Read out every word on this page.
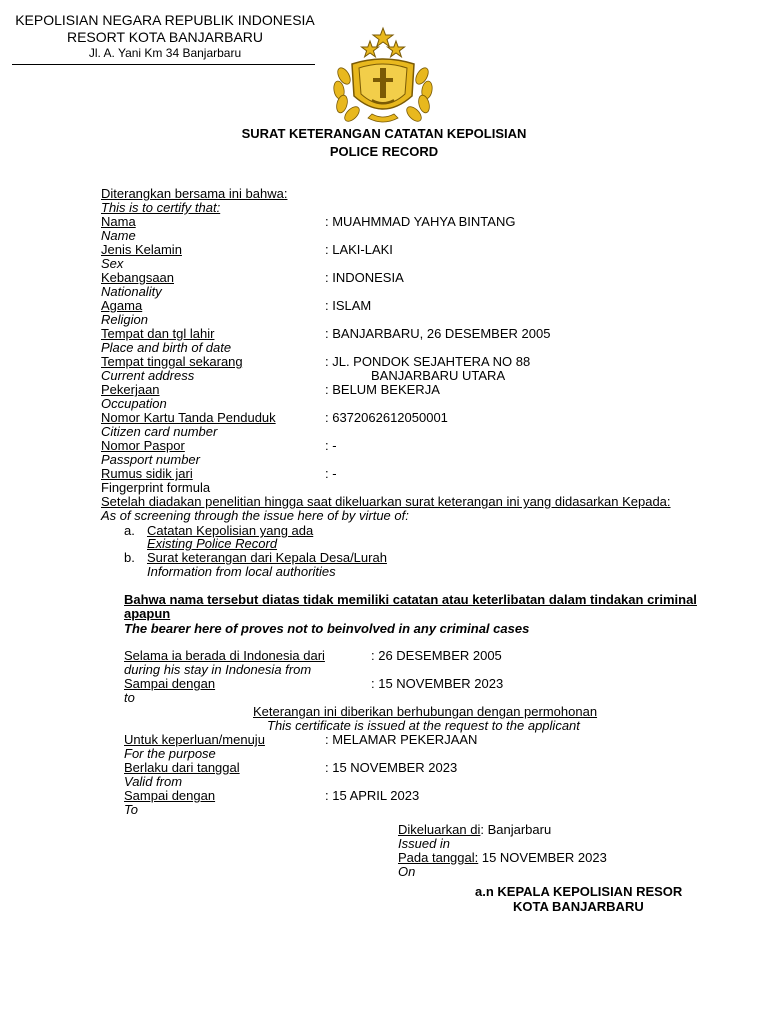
KEPOLISIAN NEGARA REPUBLIK INDONESIA
RESORT KOTA BANJARBARU
Jl. A. Yani Km 34 Banjarbaru
SURAT KETERANGAN CATATAN KEPOLISIAN
POLICE RECORD
Diterangkan bersama ini bahwa:
This is to certify that:
Nama
Name
: MUAHMMAD YAHYA BINTANG
Jenis Kelamin
Sex
: LAKI-LAKI
Kebangsaan
Nationality
: INDONESIA
Agama
Religion
: ISLAM
Tempat dan tgl lahir
Place and birth of date
: BANJARBARU, 26 DESEMBER 2005
Tempat tinggal sekarang
Current address
: JL. PONDOK SEJAHTERA NO 88
BANJARBARU UTARA
Pekerjaan
Occupation
: BELUM BEKERJA
Nomor Kartu Tanda Penduduk
Citizen card number
: 6372062612050001
Nomor Paspor
Passport number
: -
Rumus sidik jari
Fingerprint formula
: -
Setelah diadakan penelitian hingga saat dikeluarkan surat keterangan ini yang didasarkan Kepada:
As of screening through the issue here of by virtue of:
a. Catatan Kepolisian yang ada
Existing Police Record
b. Surat keterangan dari Kepala Desa/Lurah
Information from local authorities
Bahwa nama tersebut diatas tidak memiliki catatan atau keterlibatan dalam tindakan criminal
apapun
The bearer here of proves not to beinvolved in any criminal cases
Selama ia berada di Indonesia dari
during his stay in Indonesia from
: 26 DESEMBER 2005
Sampai dengan
to
: 15 NOVEMBER 2023
Keterangan ini diberikan berhubungan dengan permohonan
This certificate is issued at the request to the applicant
Untuk keperluan/menuju
For the purpose
: MELAMAR PEKERJAAN
Berlaku dari tanggal
Valid from
: 15 NOVEMBER 2023
Sampai dengan
To
: 15 APRIL 2023
Dikeluarkan di: Banjarbaru
Issued in
Pada tanggal: 15 NOVEMBER 2023
On
a.n KEPALA KEPOLISIAN RESOR
KOTA BANJARBARU
